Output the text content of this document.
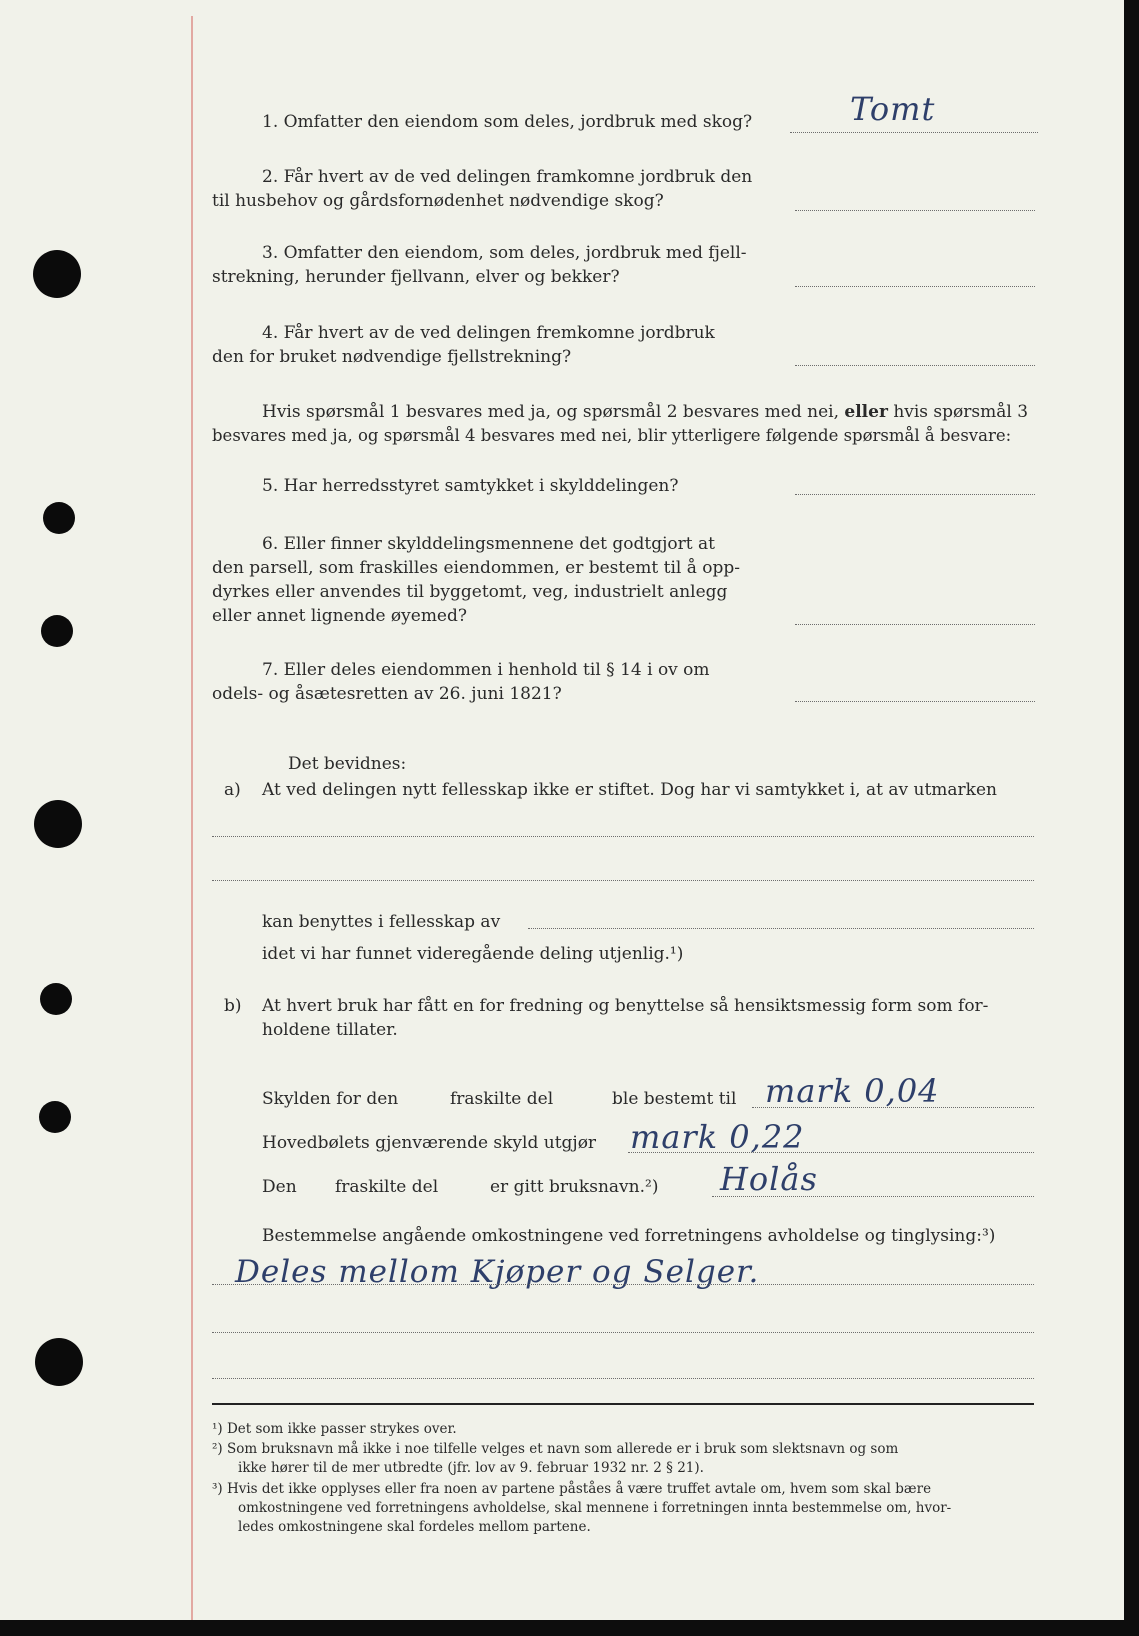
1. Omfatter den eiendom som deles, jordbruk med skog?	Tomt
2. Får hvert av de ved delingen framkomne jordbruk den
til husbehov og gårdsfornødenhet nødvendige skog?
3. Omfatter den eiendom, som deles, jordbruk med fjell-
strekning, herunder fjellvann, elver og bekker?
4. Får hvert av de ved delingen fremkomne jordbruk
den for bruket nødvendige fjellstrekning?
Hvis spørsmål 1 besvares med ja, og spørsmål 2 besvares med nei, eller hvis spørsmål 3
besvares med ja, og spørsmål 4 besvares med nei, blir ytterligere følgende spørsmål å besvare:
5. Har herredsstyret samtykket i skylddelingen?
6. Eller finner skylddelingsmennene det godtgjort at
den parsell, som fraskilles eiendommen, er bestemt til å opp-
dyrkes eller anvendes til byggetomt, veg, industrielt anlegg
eller annet lignende øyemed?
7. Eller deles eiendommen i henhold til § 14 i ov om
odels- og åsætesretten av 26. juni 1821?
Det bevidnes:
a) At ved delingen nytt fellesskap ikke er stiftet. Dog har vi samtykket i, at av utmarken
kan benyttes i fellesskap av
idet vi har funnet videregående deling utjenlig.¹)
b) At hvert bruk har fått en for fredning og benyttelse så hensiktsmessig form som for-
holdene tillater.
Skylden for den	fraskilte del	ble bestemt til mark 0,04
Hovedbølets gjenværende skyld utgjør mark 0,22
Den fraskilte del	er gitt bruksnavn.²) Holås
Bestemmelse angående omkostningene ved forretningens avholdelse og tinglysing:³)
Deles mellom Kjøper og Selger.
¹) Det som ikke passer strykes over.
²) Som bruksnavn må ikke i noe tilfelle velges et navn som allerede er i bruk som slektsnavn og som
ikke hører til de mer utbredte (jfr. lov av 9. februar 1932 nr. 2 § 21).
³) Hvis det ikke opplyses eller fra noen av partene påståes å være truffet avtale om, hvem som skal bære
omkostningene ved forretningens avholdelse, skal mennene i forretningen innta bestemmelse om, hvor-
ledes omkostningene skal fordeles mellom partene.
